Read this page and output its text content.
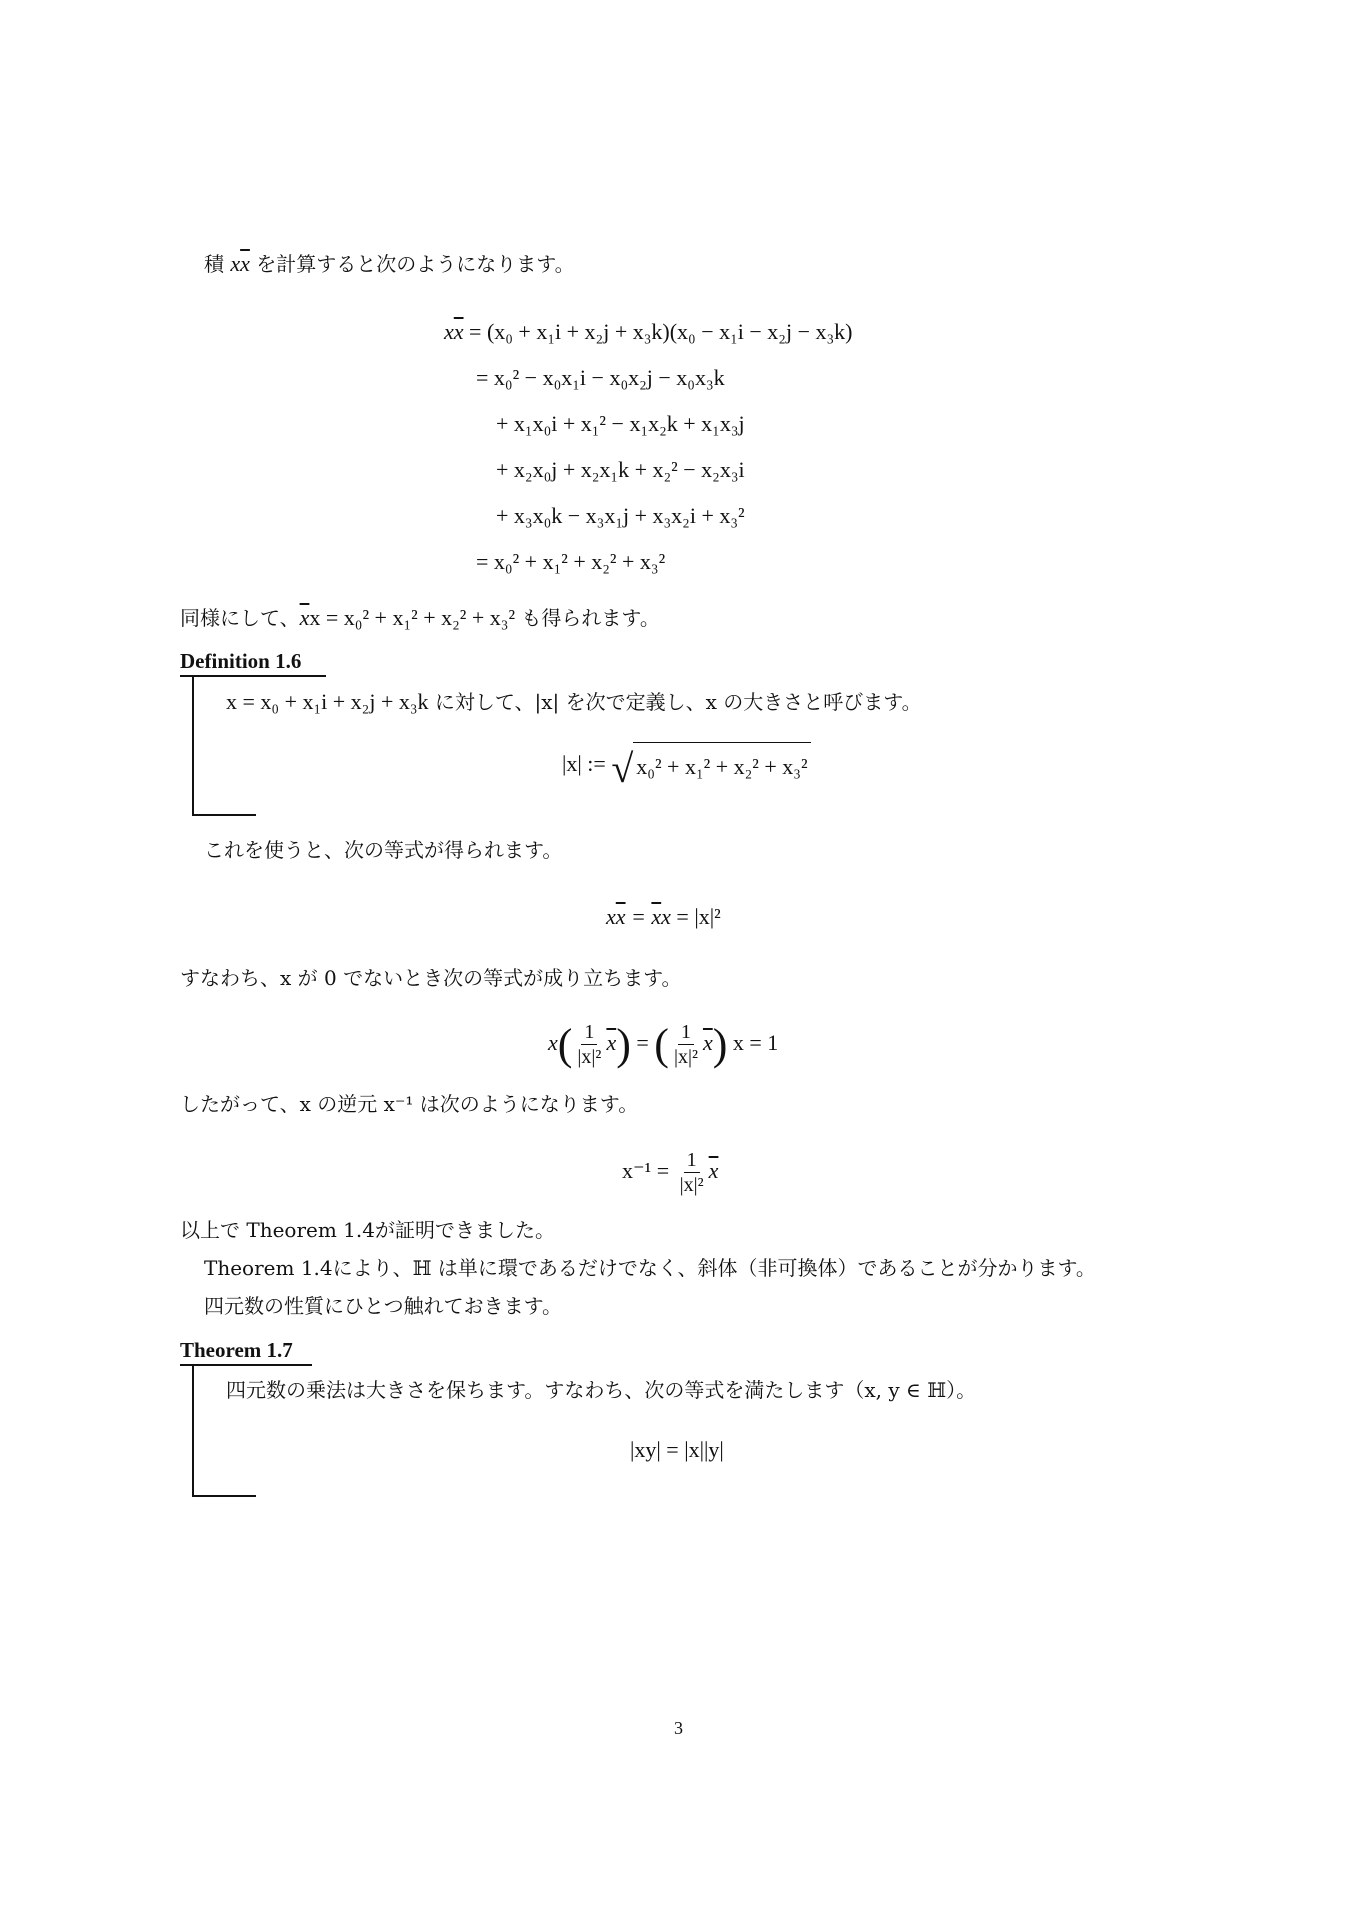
積 $x\overline{x}$ を計算すると次のようになります。
$x\overline{x} = (x_0 + x_1i + x_2j + x_3k)(x_0 - x_1i - x_2j - x_3k)$
= x₀² − x₀x₁i − x₀x₂j − x₀x₃k
+ x₁x₀i + x₁² − x₁x₂k + x₁x₃j
+ x₂x₀j + x₂x₁k + x₂² − x₂x₃i
+ x₃x₀k − x₃x₁j + x₃x₂i + x₃²
= x₀² + x₁² + x₂² + x₃²
同様にして、$\overline{x}x = x_0^2 + x_1^2 + x_2^2 + x_3^2$ も得られます。
Definition 1.6
x = x₀ + x₁i + x₂j + x₃k に対して、|x| を次で定義し、x の大きさと呼びます。
|x| := √ x₀² + x₁² + x₂² + x₃²
これを使うと、次の等式が得られます。
$x\overline{x} = \overline{x}x = |x|^2$
すなわち、x が 0 でないとき次の等式が成り立ちます。
$x( \frac{1}{\text{|x|²}} \overline{x})$ = ( $\frac{1}{\text{|x|²}} \overline{x}$) x = 1
したがって、x の逆元 x⁻¹ は次のようになります。
$x^{-1} = \frac{1}{\text{|x|²}} \overline{x}$
以上で Theorem 1.4が証明できました。
Theorem 1.4により、ℍ は単に環であるだけでなく、斜体（非可換体）であることが分かります。
四元数の性質にひとつ触れておきます。
Theorem 1.7
四元数の乗法は大きさを保ちます。すなわち、次の等式を満たします（x, y ∈ ℍ）。
|xy| = |x||y|
3
